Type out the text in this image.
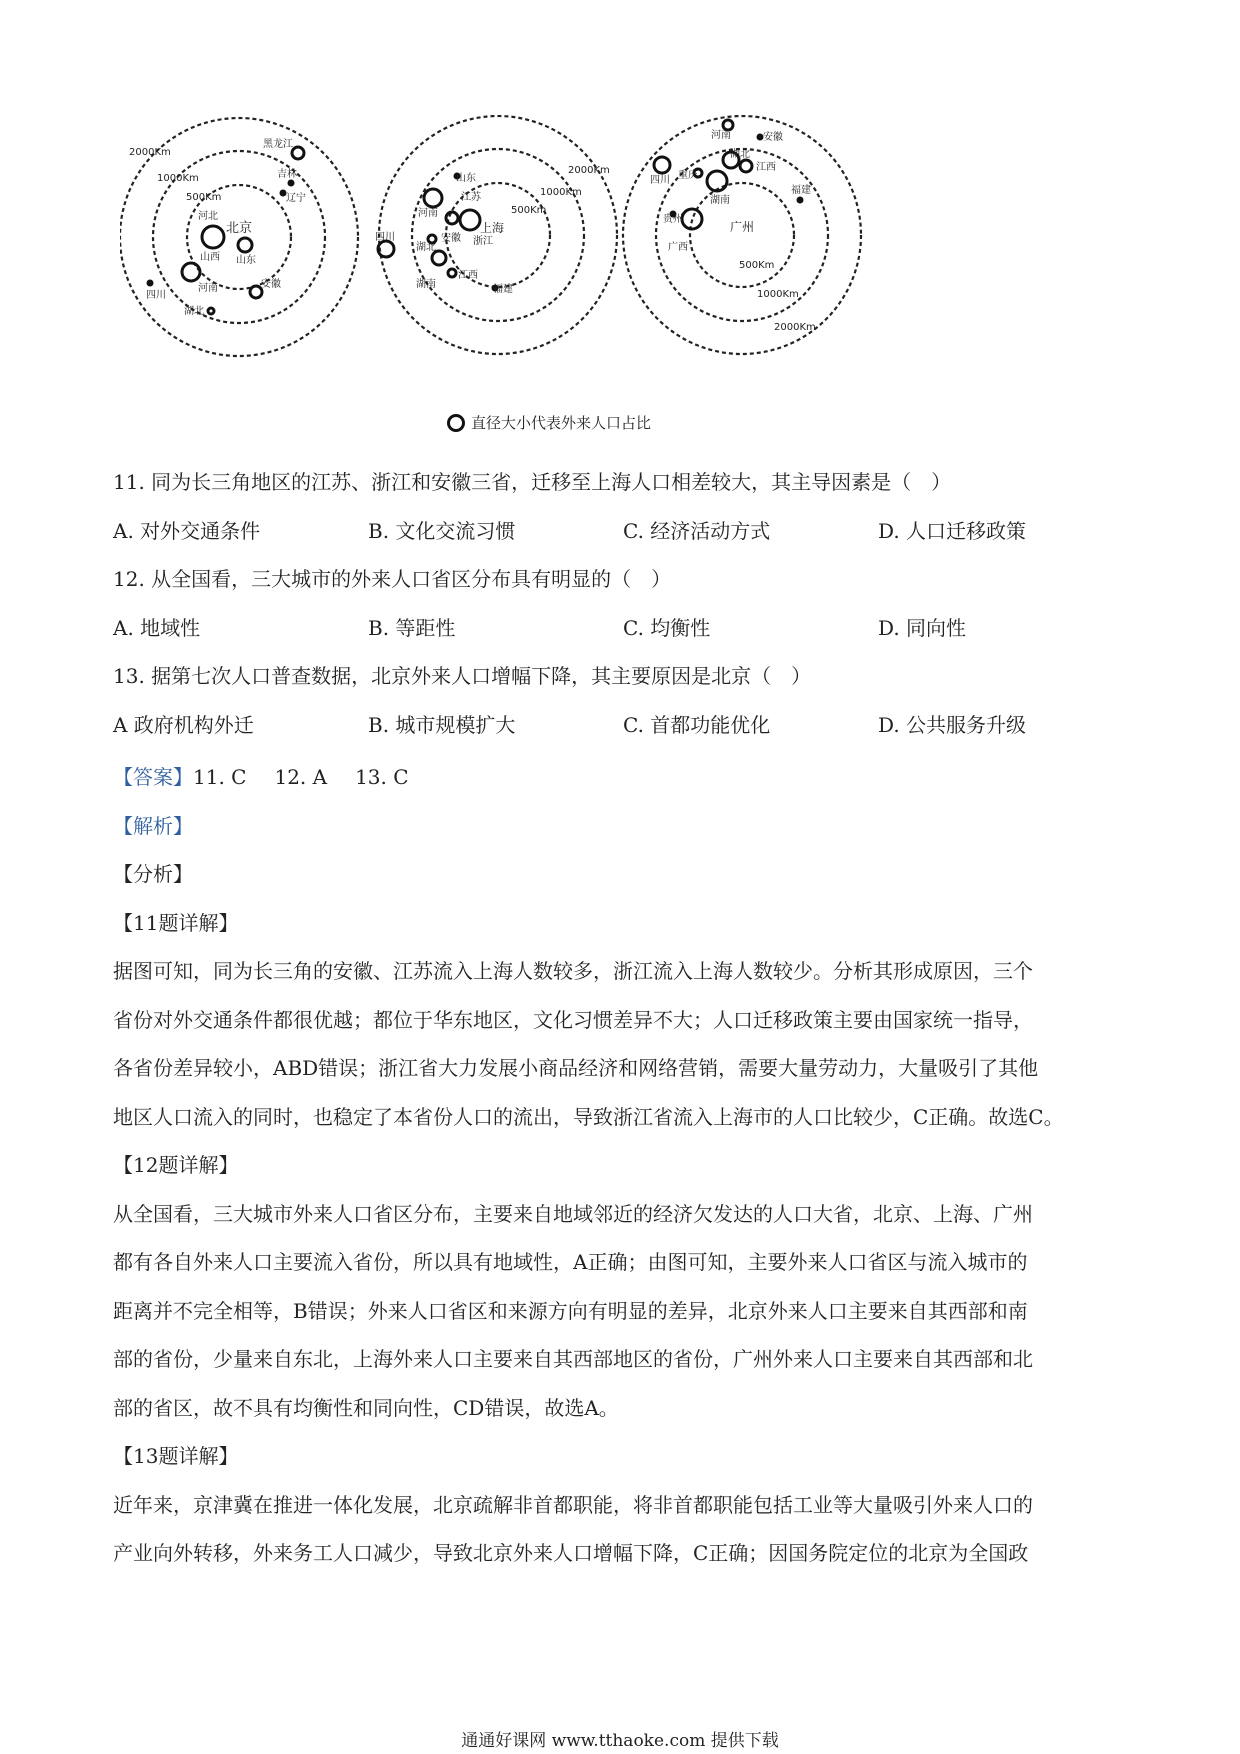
2000Km
1000Km
500Km
北京
河北
山西 山东
河南	安徽
湖北
四川
黑龙江
吉林
辽宁
2000Km
1000Km
500Km
上海
山东
江苏
河南
安徽 浙江
湖北
湖南
江西
福建
四川
2000Km
1000Km
500Km
广州
河南	安徽
湖北
江西
四川 重庆
湖南
福建
贵州
广西
直径大小代表外来人口占比
11. 同为长三角地区的江苏、浙江和安徽三省，迁移至上海人口相差较大，其主导因素是（　）
A. 对外交通条件	B. 文化交流习惯	C. 经济活动方式	D. 人口迁移政策
12. 从全国看，三大城市的外来人口省区分布具有明显的（　）
A. 地域性	B. 等距性	C. 均衡性	D. 同向性
13. 据第七次人口普查数据，北京外来人口增幅下降，其主要原因是北京（　）
A 政府机构外迁	B. 城市规模扩大	C. 首都功能优化	D. 公共服务升级
【答案】 11. C 12. A 13. C
【解析】
【分析】
【11题详解】
据图可知，同为长三角的安徽、江苏流入上海人数较多，浙江流入上海人数较少。分析其形成原因，三个
省份对外交通条件都很优越；都位于华东地区，文化习惯差异不大；人口迁移政策主要由国家统一指导，
各省份差异较小，ABD错误；浙江省大力发展小商品经济和网络营销，需要大量劳动力，大量吸引了其他
地区人口流入的同时，也稳定了本省份人口的流出，导致浙江省流入上海市的人口比较少，C正确。故选C。
【12题详解】
从全国看，三大城市外来人口省区分布，主要来自地域邻近的经济欠发达的人口大省，北京、上海、广州
都有各自外来人口主要流入省份，所以具有地域性，A正确；由图可知，主要外来人口省区与流入城市的
距离并不完全相等，B错误；外来人口省区和来源方向有明显的差异，北京外来人口主要来自其西部和南
部的省份，少量来自东北，上海外来人口主要来自其西部地区的省份，广州外来人口主要来自其西部和北
部的省区，故不具有均衡性和同向性，CD错误，故选A。
【13题详解】
近年来，京津冀在推进一体化发展，北京疏解非首都职能，将非首都职能包括工业等大量吸引外来人口的
产业向外转移，外来务工人口减少，导致北京外来人口增幅下降，C正确；因国务院定位的北京为全国政
通通好课网 www.tthaoke.com 提供下载
